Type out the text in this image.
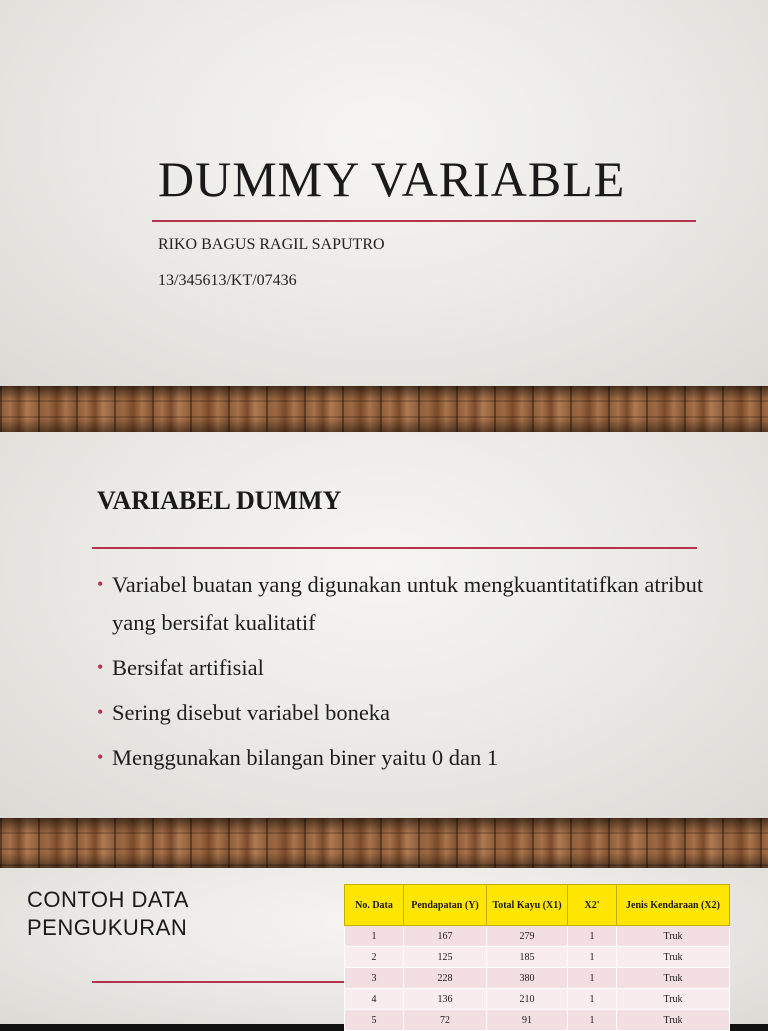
DUMMY VARIABLE
RIKO BAGUS RAGIL SAPUTRO
13/345613/KT/07436
VARIABEL DUMMY
• Variabel buatan yang digunakan untuk mengkuantitatifkan atribut yang bersifat kualitatif
• Bersifat artifisial
• Sering disebut variabel boneka
• Menggunakan bilangan biner yaitu 0 dan 1
CONTOH DATA PENGUKURAN
No. Data	Pendapatan (Y)	Total Kayu (X1)	X2'	Jenis Kendaraan (X2)
1	167	279	1	Truk
2	125	185	1	Truk
3	228	380	1	Truk
4	136	210	1	Truk
5	72	91	1	Truk
